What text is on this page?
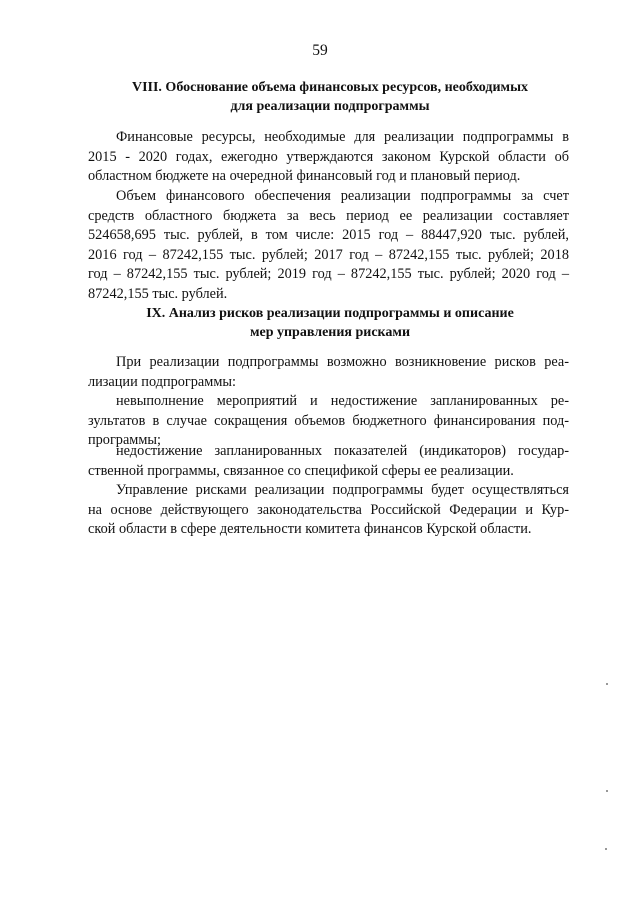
59
VIII. Обоснование объема финансовых ресурсов, необходимых
для реализации подпрограммы
Финансовые ресурсы, необходимые для реализации подпрограммы в
2015 - 2020 годах, ежегодно утверждаются законом Курской области об
областном бюджете на очередной финансовый год и плановый период.
Объем финансового обеспечения реализации подпрограммы за счет
средств областного бюджета за весь период ее реализации составляет
524658,695 тыс. рублей, в том числе: 2015 год – 88447,920 тыс. рублей,
2016 год – 87242,155 тыс. рублей; 2017 год – 87242,155 тыс. рублей; 2018
год – 87242,155 тыс. рублей; 2019 год – 87242,155 тыс. рублей; 2020 год –
87242,155 тыс. рублей.
IX. Анализ рисков реализации подпрограммы и описание
мер управления рисками
При реализации подпрограммы возможно возникновение рисков реа-
лизации подпрограммы:
невыполнение мероприятий и недостижение запланированных ре-
зультатов в случае сокращения объемов бюджетного финансирования под-
программы;
недостижение запланированных показателей (индикаторов) государ-
ственной программы, связанное со спецификой сферы ее реализации.
Управление рисками реализации подпрограммы будет осуществляться
на основе действующего законодательства Российской Федерации и Кур-
ской области в сфере деятельности комитета финансов Курской области.
